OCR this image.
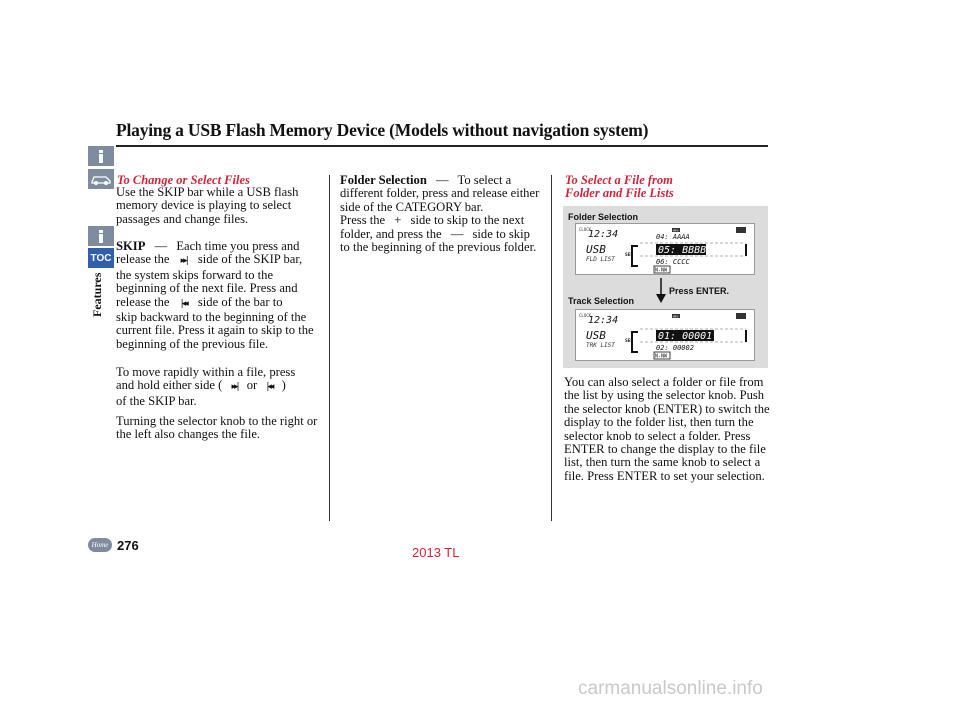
Playing a USB Flash Memory Device (Models without navigation system)
TOC
Features
To Change or Select Files
Use the SKIP bar while a USB flash memory device is playing to select passages and change files.
SKIP — Each time you press and
release the ▸▸| side of the SKIP bar,
the system skips forward to the
beginning of the next file. Press and
release the |◂◂ side of the bar to
skip backward to the beginning of the current file. Press it again to skip to the beginning of the previous file.
To move rapidly within a file, press
and hold either side ( ▸▸| or |◂◂ )
of the SKIP bar.
Turning the selector knob to the right or the left also changes the file.
Folder Selection — To select a
different folder, press and release either side of the CATEGORY bar.
Press the + side to skip to the next
folder, and press the — side to skip
to the beginning of the previous folder.
To Select a File from
Folder and File Lists
Folder Selection
CLOCK	MP3
12:34
USB
FLD LIST
SEL
04: AAAA
05: BBBB
06: CCCC
N-NW
Press ENTER.
Track Selection
CLOCK	MP3
12:34
USB
TRK LIST
SEL 01: 00001
02: 00002
N-NW
You can also select a folder or file from the list by using the selector knob. Push the selector knob (ENTER) to switch the display to the folder list, then turn the selector knob to select a folder. Press ENTER to change the display to the file list, then turn the same knob to select a file. Press ENTER to set your selection.
Home 276	2013 TL
carmanualsonline.info
